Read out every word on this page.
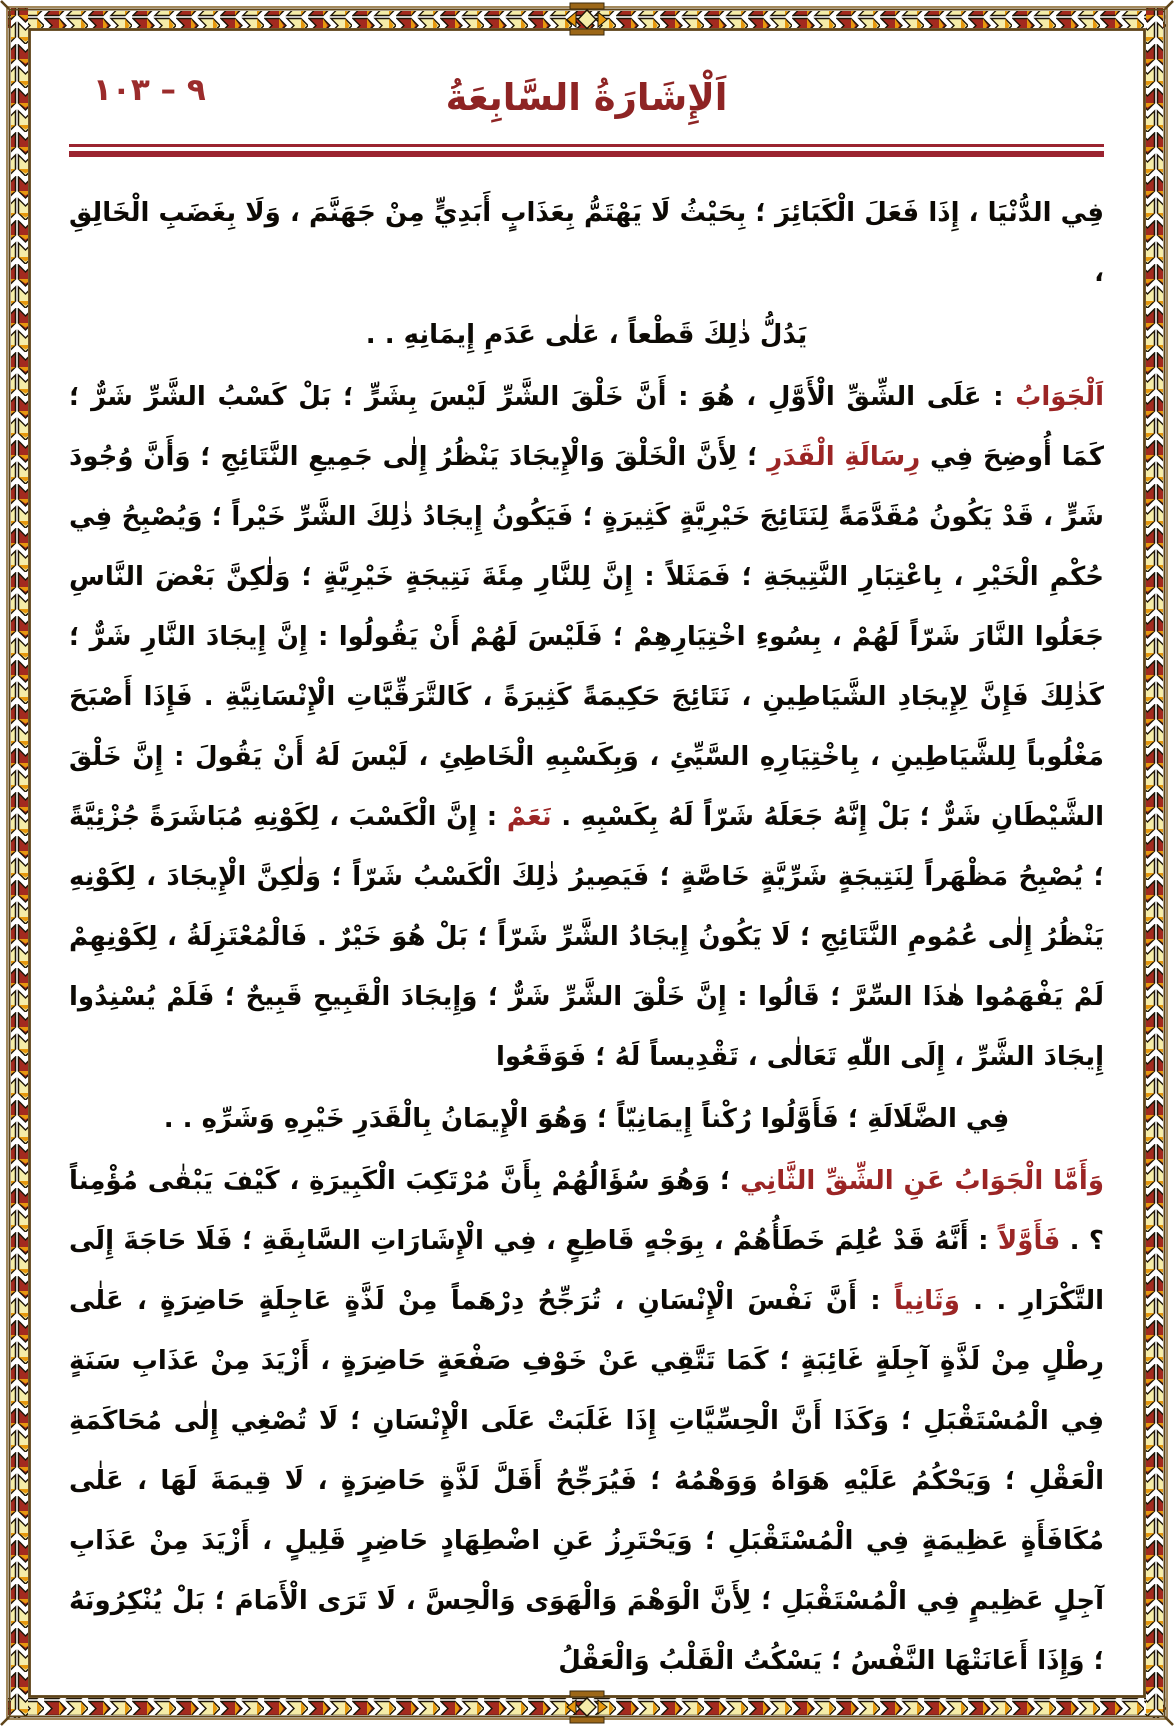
٩ – ١٠٣	اَلْإِشَارَةُ السَّابِعَةُ

فِي الدُّنْيَا ، إِذَا فَعَلَ الْكَبَائِرَ ؛ بِحَيْثُ لَا يَهْتَمُّ بِعَذَابٍ أَبَدِيٍّ مِنْ جَهَنَّمَ ، وَلَا بِغَضَبِ الْخَالِقِ ،

يَدُلُّ ذٰلِكَ قَطْعاً ، عَلٰى عَدَمِ إِيمَانِهِ . .

اَلْجَوَابُ : عَلَى الشِّقِّ الْأَوَّلِ ، هُوَ : أَنَّ خَلْقَ الشَّرِّ لَيْسَ بِشَرٍّ ؛ بَلْ كَسْبُ الشَّرِّ شَرٌّ ؛ كَمَا أُوضِحَ فِي رِسَالَةِ الْقَدَرِ ؛ لِأَنَّ الْخَلْقَ وَالْإِيجَادَ يَنْظُرُ إِلٰى جَمِيعِ النَّتَائِجِ ؛ وَأَنَّ وُجُودَ شَرٍّ ، قَدْ يَكُونُ مُقَدَّمَةً لِنَتَائِجَ خَيْرِيَّةٍ كَثِيرَةٍ ؛ فَيَكُونُ إِيجَادُ ذٰلِكَ الشَّرِّ خَيْراً ؛ وَيُصْبِحُ فِي حُكْمِ الْخَيْرِ ، بِاعْتِبَارِ النَّتِيجَةِ ؛ فَمَثَلاً : إِنَّ لِلنَّارِ مِئَةَ نَتِيجَةٍ خَيْرِيَّةٍ ؛ وَلٰكِنَّ بَعْضَ النَّاسِ جَعَلُوا النَّارَ شَرّاً لَهُمْ ، بِسُوءِ اخْتِيَارِهِمْ ؛ فَلَيْسَ لَهُمْ أَنْ يَقُولُوا : إِنَّ إِيجَادَ النَّارِ شَرٌّ ؛ كَذٰلِكَ فَإِنَّ لِإِيجَادِ الشَّيَاطِينِ ، نَتَائِجَ حَكِيمَةً كَثِيرَةً ، كَالتَّرَقِّيَّاتِ الْإِنْسَانِيَّةِ . فَإِذَا أَصْبَحَ مَغْلُوباً لِلشَّيَاطِينِ ، بِاخْتِيَارِهِ السَّيِّئِ ، وَبِكَسْبِهِ الْخَاطِئِ ، لَيْسَ لَهُ أَنْ يَقُولَ : إِنَّ خَلْقَ الشَّيْطَانِ شَرٌّ ؛ بَلْ إِنَّهُ جَعَلَهُ شَرّاً لَهُ بِكَسْبِهِ . نَعَمْ : إِنَّ الْكَسْبَ ، لِكَوْنِهِ مُبَاشَرَةً جُزْئِيَّةً ؛ يُصْبِحُ مَظْهَراً لِنَتِيجَةٍ شَرِّيَّةٍ خَاصَّةٍ ؛ فَيَصِيرُ ذٰلِكَ الْكَسْبُ شَرّاً ؛ وَلٰكِنَّ الْإِيجَادَ ، لِكَوْنِهِ يَنْظُرُ إِلٰى عُمُومِ النَّتَائِجِ ؛ لَا يَكُونُ إِيجَادُ الشَّرِّ شَرّاً ؛ بَلْ هُوَ خَيْرٌ . فَالْمُعْتَزِلَةُ ، لِكَوْنِهِمْ لَمْ يَفْهَمُوا هٰذَا السِّرَّ ؛ قَالُوا : إِنَّ خَلْقَ الشَّرِّ شَرٌّ ؛ وَإِيجَادَ الْقَبِيحِ قَبِيحٌ ؛ فَلَمْ يُسْنِدُوا إِيجَادَ الشَّرِّ ، إِلَى اللّٰهِ تَعَالٰى ، تَقْدِيساً لَهُ ؛ فَوَقَعُوا

فِي الضَّلَالَةِ ؛ فَأَوَّلُوا رُكْناً إِيمَانِيّاً ؛ وَهُوَ الْإِيمَانُ بِالْقَدَرِ خَيْرِهِ وَشَرِّهِ . .

وَأَمَّا الْجَوَابُ عَنِ الشِّقِّ الثَّانِي ؛ وَهُوَ سُؤَالُهُمْ بِأَنَّ مُرْتَكِبَ الْكَبِيرَةِ ، كَيْفَ يَبْقٰى مُؤْمِناً ؟ . فَأَوَّلاً : أَنَّهُ قَدْ عُلِمَ خَطَأُهُمْ ، بِوَجْهٍ قَاطِعٍ ، فِي الْإِشَارَاتِ السَّابِقَةِ ؛ فَلَا حَاجَةَ إِلَى التَّكْرَارِ . . وَثَانِياً : أَنَّ نَفْسَ الْإِنْسَانِ ، تُرَجِّحُ دِرْهَماً مِنْ لَذَّةٍ عَاجِلَةٍ حَاضِرَةٍ ، عَلٰى رِطْلٍ مِنْ لَذَّةٍ آجِلَةٍ غَائِبَةٍ ؛ كَمَا تَتَّقِي عَنْ خَوْفِ صَفْعَةٍ حَاضِرَةٍ ، أَزْيَدَ مِنْ عَذَابِ سَنَةٍ فِي الْمُسْتَقْبَلِ ؛ وَكَذَا أَنَّ الْحِسِّيَّاتِ إِذَا غَلَبَتْ عَلَى الْإِنْسَانِ ؛ لَا تُصْغِي إِلٰى مُحَاكَمَةِ الْعَقْلِ ؛ وَيَحْكُمُ عَلَيْهِ هَوَاهُ وَوَهْمُهُ ؛ فَيُرَجِّحُ أَقَلَّ لَذَّةٍ حَاضِرَةٍ ، لَا قِيمَةَ لَهَا ، عَلٰى مُكَافَأَةٍ عَظِيمَةٍ فِي الْمُسْتَقْبَلِ ؛ وَيَحْتَرِزُ عَنِ اضْطِهَادٍ حَاضِرٍ قَلِيلٍ ، أَزْيَدَ مِنْ عَذَابِ آجِلٍ عَظِيمٍ فِي الْمُسْتَقْبَلِ ؛ لِأَنَّ الْوَهْمَ وَالْهَوَى وَالْحِسَّ ، لَا تَرَى الْأَمَامَ ؛ بَلْ يُنْكِرُونَهُ ؛ وَإِذَا أَعَانَتْهَا النَّفْسُ ؛ يَسْكُتُ الْقَلْبُ وَالْعَقْلُ
